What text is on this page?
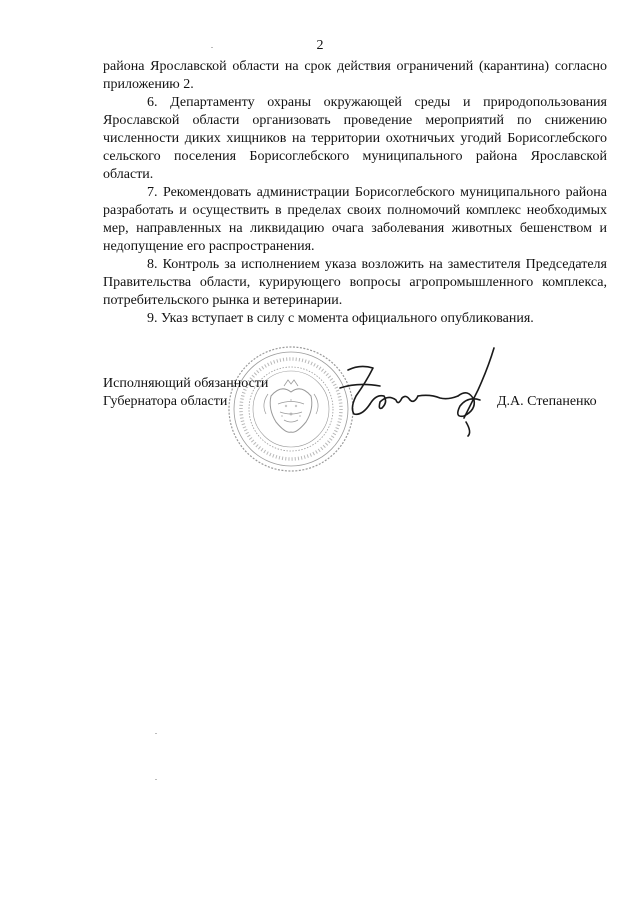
2

района Ярославской области на срок действия ограничений (карантина) согласно приложению 2.

6. Департаменту охраны окружающей среды и природопользования Ярославской области организовать проведение мероприятий по снижению численности диких хищников на территории охотничьих угодий Борисоглебского сельского поселения Борисоглебского муниципального района Ярославской области.

7. Рекомендовать администрации Борисоглебского муниципального района разработать и осуществить в пределах своих полномочий комплекс необходимых мер, направленных на ликвидацию очага заболевания животных бешенством и недопущение его распространения.

8. Контроль за исполнением указа возложить на заместителя Председателя Правительства области, курирующего вопросы агропромышленного комплекса, потребительского рынка и ветеринарии.

9. Указ вступает в силу с момента официального опубликования.

Исполняющий обязанности
Губернатора области	Д.А. Степаненко
